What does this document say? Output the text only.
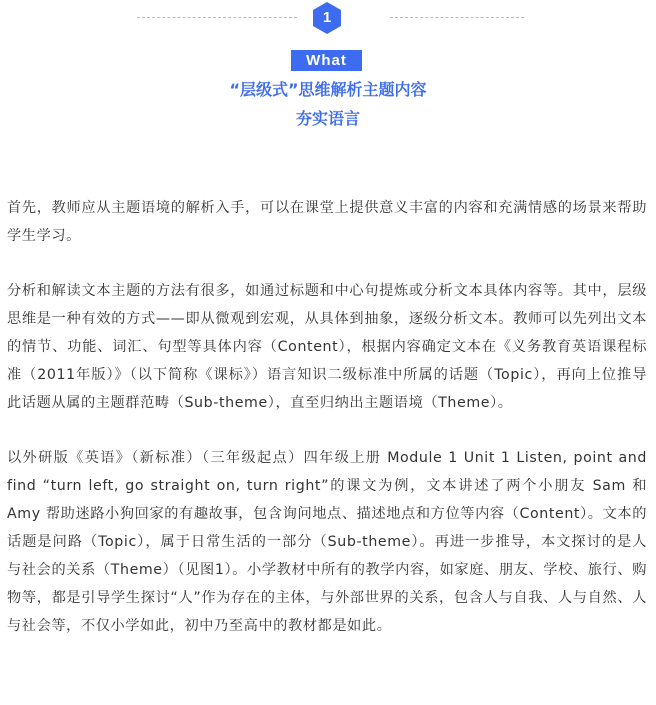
1
What
“层级式”思维解析主题内容
夯实语言

首先，教师应从主题语境的解析入手，可以在课堂上提供意义丰富的内容和充满情感的场景来帮助学生学习。

分析和解读文本主题的方法有很多，如通过标题和中心句提炼或分析文本具体内容等。其中，层级思维是一种有效的方式——即从微观到宏观，从具体到抽象，逐级分析文本。教师可以先列出文本的情节、功能、词汇、句型等具体内容（Content），根据内容确定文本在《义务教育英语课程标准（2011年版）》（以下简称《课标》）语言知识二级标准中所属的话题（Topic），再向上位推导此话题从属的主题群范畴（Sub-theme），直至归纳出主题语境（Theme）。

以外研版《英语》（新标准）（三年级起点）四年级上册 Module 1 Unit 1 Listen, point and find “turn left, go straight on, turn right”的课文为例，文本讲述了两个小朋友 Sam 和 Amy 帮助迷路小狗回家的有趣故事，包含询问地点、描述地点和方位等内容（Content）。文本的话题是问路（Topic），属于日常生活的一部分（Sub-theme）。再进一步推导，本文探讨的是人与社会的关系（Theme）（见图1）。小学教材中所有的教学内容，如家庭、朋友、学校、旅行、购物等，都是引导学生探讨“人”作为存在的主体，与外部世界的关系，包含人与自我、人与自然、人与社会等，不仅小学如此，初中乃至高中的教材都是如此。
